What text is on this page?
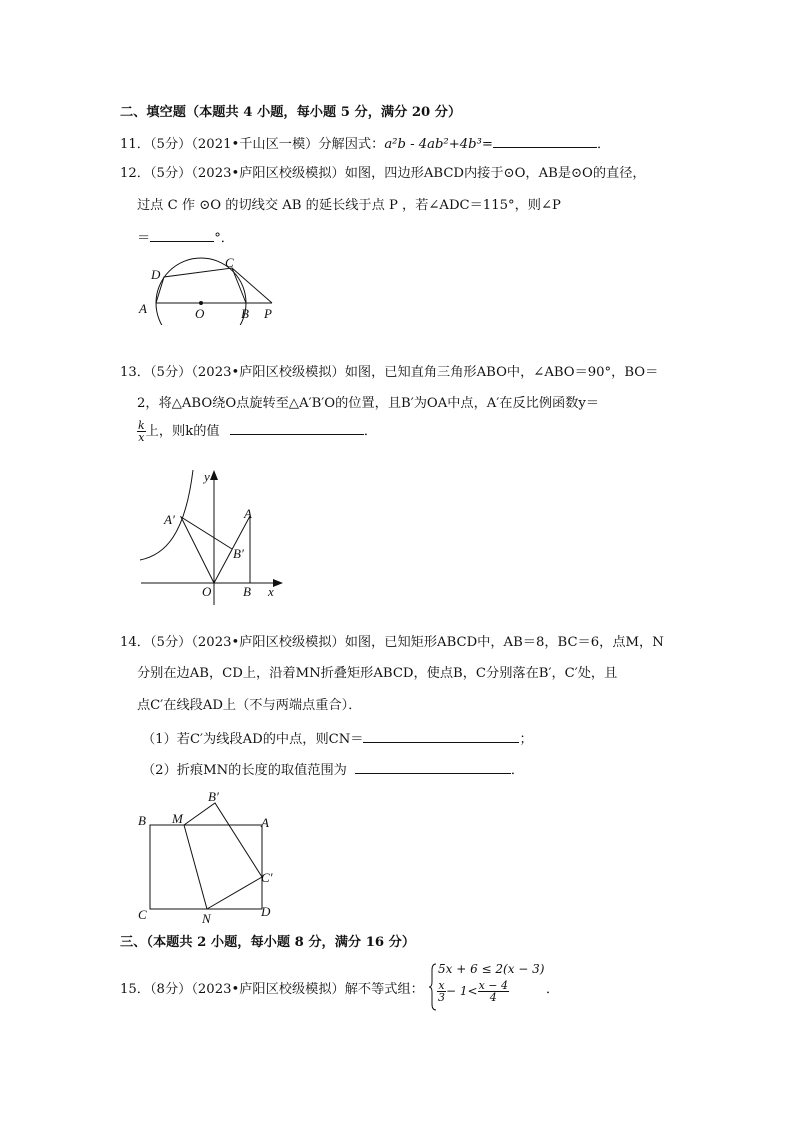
二、填空题（本题共 4 小题，每小题 5 分，满分 20 分）
11．（5分）（2021•千山区一模）分解因式：a²b - 4ab²+4b³=	．
12．（5分）（2023•庐阳区校级模拟）如图，四边形ABCD内接于⊙O，AB是⊙O的直径，
过点 C 作 ⊙O 的切线交 AB 的延长线于点 P ，若∠ADC＝115°，则∠P
＝	°．
D
C
A	O	B P
13．（5分）（2023•庐阳区校级模拟）如图，已知直角三角形ABO中，∠ABO＝90°，BO＝
2，将△ABO绕O点旋转至△A′B′O的位置，且B′为OA中点，A′在反比例函数y＝
$\frac{k}{x}$ 上，则k的值	．
y
x
A′	A
B′
O B
14．（5分）（2023•庐阳区校级模拟）如图，已知矩形ABCD中，AB＝8，BC＝6，点M，N
分别在边AB，CD上，沿着MN折叠矩形ABCD，使点B，C分别落在B′，C′处，且
点C′在线段AD上（不与两端点重合）．
（1）若C′为线段AD的中点，则CN＝	；
（2）折痕MN的长度的取值范围为	．
B′
B M	A
C′
C	N	D
三、（本题共 2 小题，每小题 8 分，满分 16 分）
15．（8分）（2023•庐阳区校级模拟）解不等式组：
5x + 6 ≤ 2(x − 3)
$\frac{x}{3} - 1< \frac{x - 4}{4}$	．
